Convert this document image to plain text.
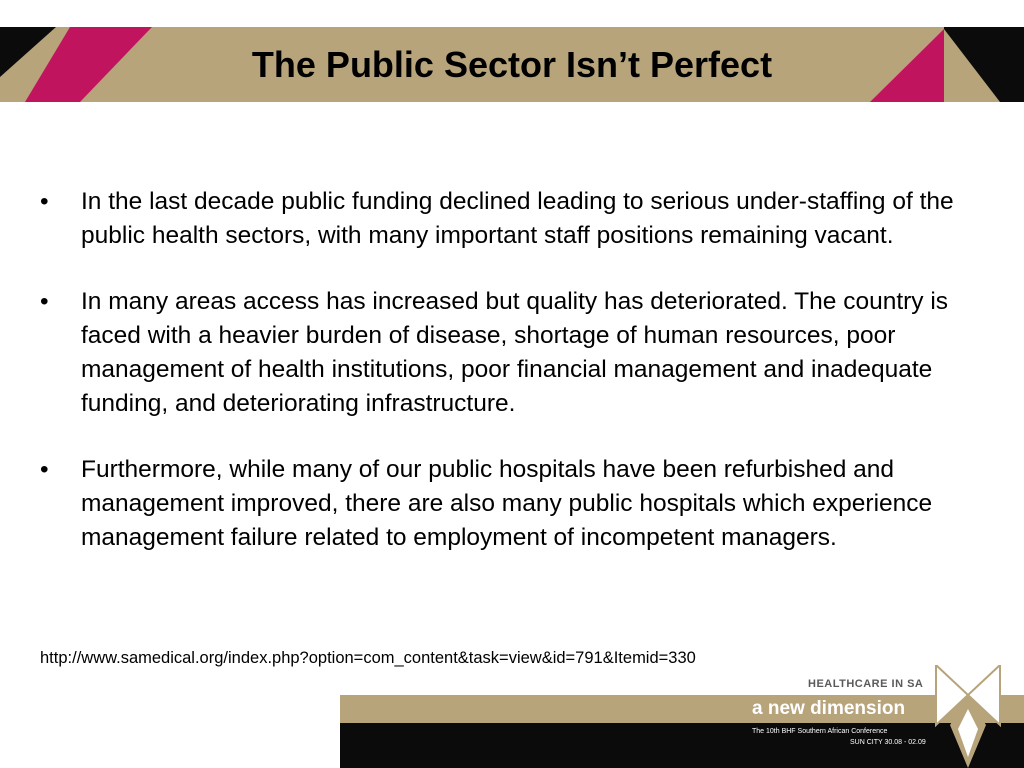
The Public Sector Isn’t Perfect
•	In the last decade public funding declined leading to serious under-staffing of the public health sectors, with many important staff positions remaining vacant.
•	In many areas access has increased but quality has deteriorated. The country is faced with a heavier burden of disease, shortage of human resources, poor management of health institutions, poor financial management and inadequate funding, and deteriorating infrastructure.
•	Furthermore, while many of our public hospitals have been refurbished and management improved, there are also many public hospitals which experience management failure related to employment of incompetent managers.
http://www.samedical.org/index.php?option=com_content&task=view&id=791&Itemid=330
HEALTHCARE IN SA
a new dimension
The 10th BHF Southern African Conference
SUN CITY 30.08 - 02.09
